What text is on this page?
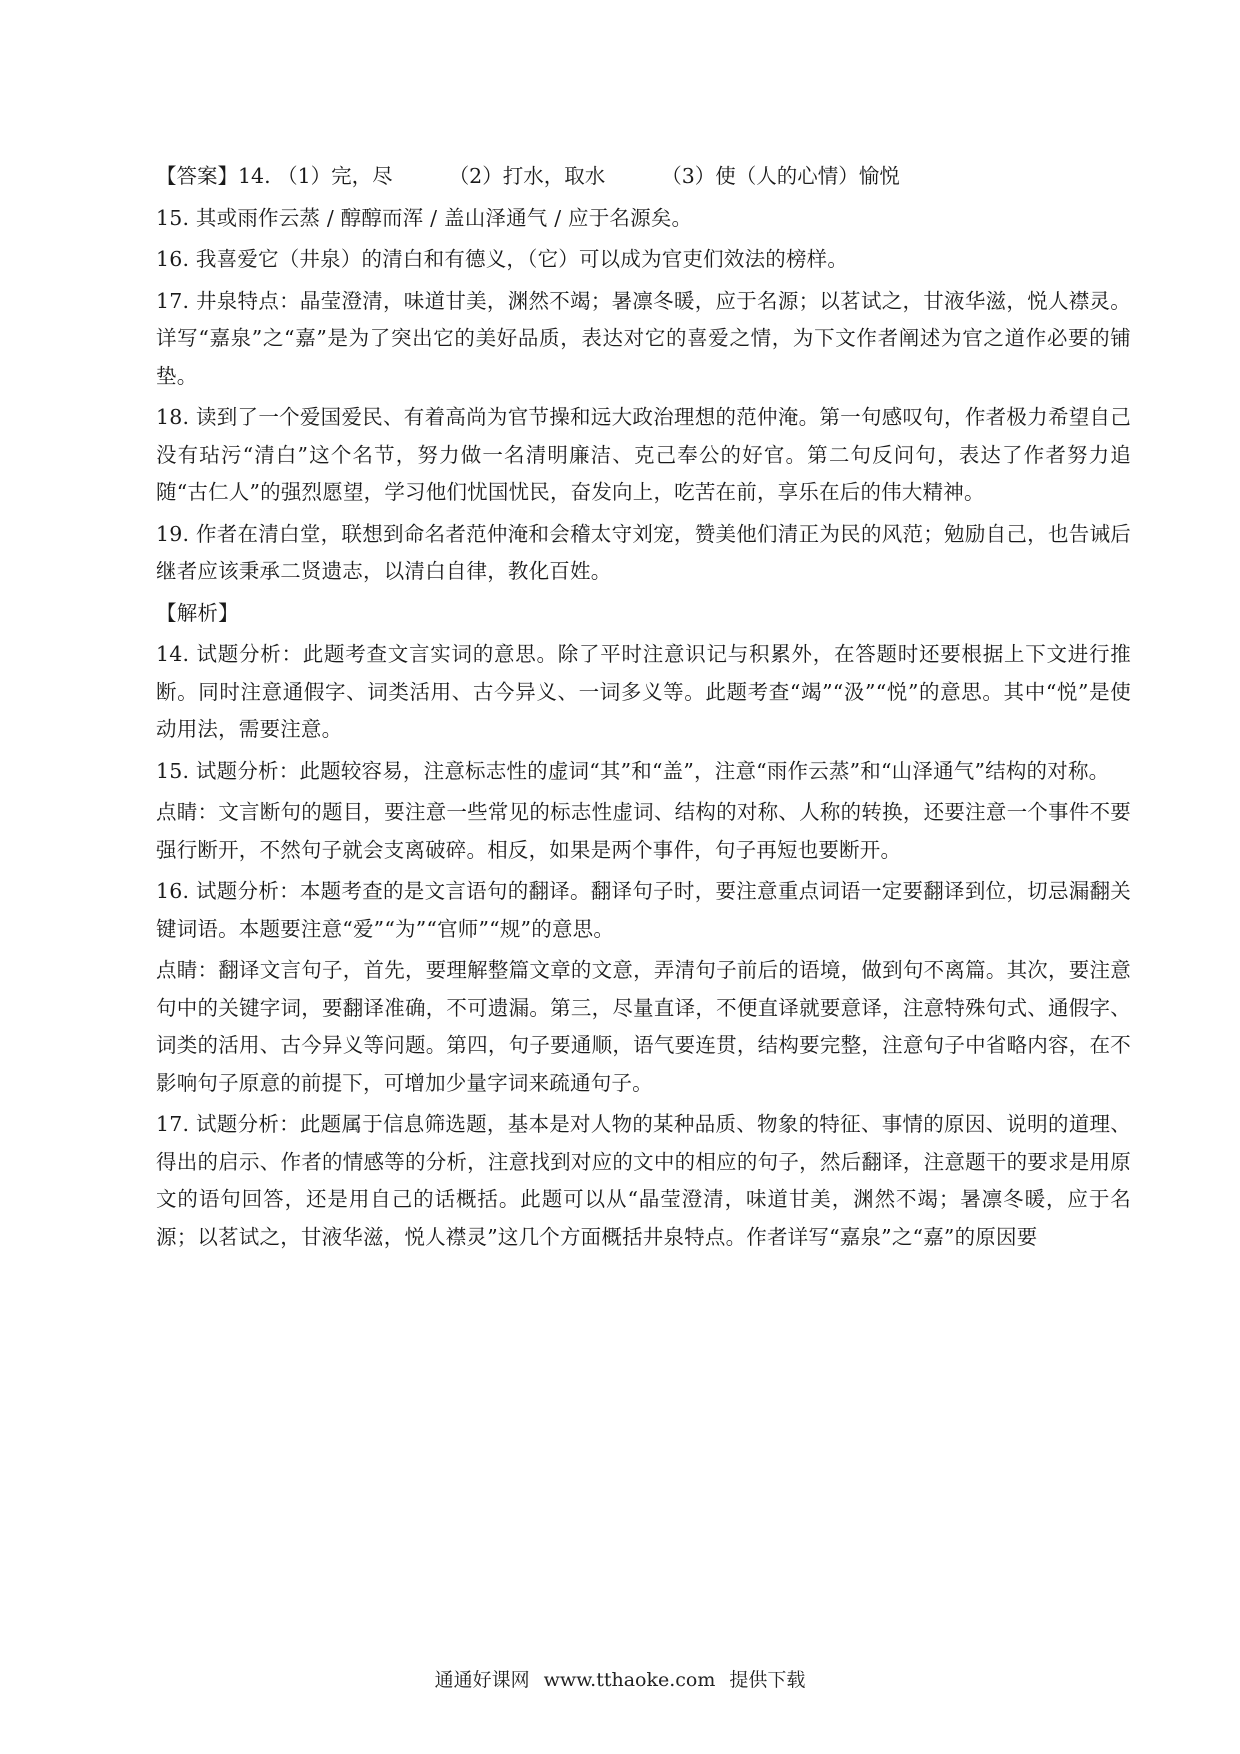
【答案】14. （1）完，尽	（2）打水，取水	（3）使（人的心情）愉悦

15. 其或雨作云蒸 / 醇醇而浑 / 盖山泽通气 / 应于名源矣。

16. 我喜爱它（井泉）的清白和有德义，（它）可以成为官吏们效法的榜样。

17. 井泉特点：晶莹澄清，味道甘美，渊然不竭；暑凛冬暖，应于名源；以茗试之，甘液华滋，悦人襟灵。详写“嘉泉”之“嘉”是为了突出它的美好品质，表达对它的喜爱之情，为下文作者阐述为官之道作必要的铺垫。

18. 读到了一个爱国爱民、有着高尚为官节操和远大政治理想的范仲淹。第一句感叹句，作者极力希望自己没有玷污“清白”这个名节，努力做一名清明廉洁、克己奉公的好官。第二句反问句，表达了作者努力追随“古仁人”的强烈愿望，学习他们忧国忧民，奋发向上，吃苦在前，享乐在后的伟大精神。

19. 作者在清白堂，联想到命名者范仲淹和会稽太守刘宠，赞美他们清正为民的风范；勉励自己，也告诫后继者应该秉承二贤遗志，以清白自律，教化百姓。

【解析】

14. 试题分析：此题考查文言实词的意思。除了平时注意识记与积累外，在答题时还要根据上下文进行推断。同时注意通假字、词类活用、古今异义、一词多义等。此题考查“竭”“汲”“悦”的意思。其中“悦”是使动用法，需要注意。

15. 试题分析：此题较容易，注意标志性的虚词“其”和“盖”，注意“雨作云蒸”和“山泽通气”结构的对称。

点睛：文言断句的题目，要注意一些常见的标志性虚词、结构的对称、人称的转换，还要注意一个事件不要强行断开，不然句子就会支离破碎。相反，如果是两个事件，句子再短也要断开。

16. 试题分析：本题考查的是文言语句的翻译。翻译句子时，要注意重点词语一定要翻译到位，切忌漏翻关键词语。本题要注意“爱”“为”“官师”“规”的意思。

点睛：翻译文言句子，首先，要理解整篇文章的文意，弄清句子前后的语境，做到句不离篇。其次，要注意句中的关键字词，要翻译准确，不可遗漏。第三，尽量直译，不便直译就要意译，注意特殊句式、通假字、词类的活用、古今异义等问题。第四，句子要通顺，语气要连贯，结构要完整，注意句子中省略内容，在不影响句子原意的前提下，可增加少量字词来疏通句子。

17. 试题分析：此题属于信息筛选题，基本是对人物的某种品质、物象的特征、事情的原因、说明的道理、得出的启示、作者的情感等的分析，注意找到对应的文中的相应的句子，然后翻译，注意题干的要求是用原文的语句回答，还是用自己的话概括。此题可以从“晶莹澄清，味道甘美，渊然不竭；暑凛冬暖，应于名源；以茗试之，甘液华滋，悦人襟灵”这几个方面概括井泉特点。作者详写“嘉泉”之“嘉”的原因要

通通好课网 www.tthaoke.com 提供下载
